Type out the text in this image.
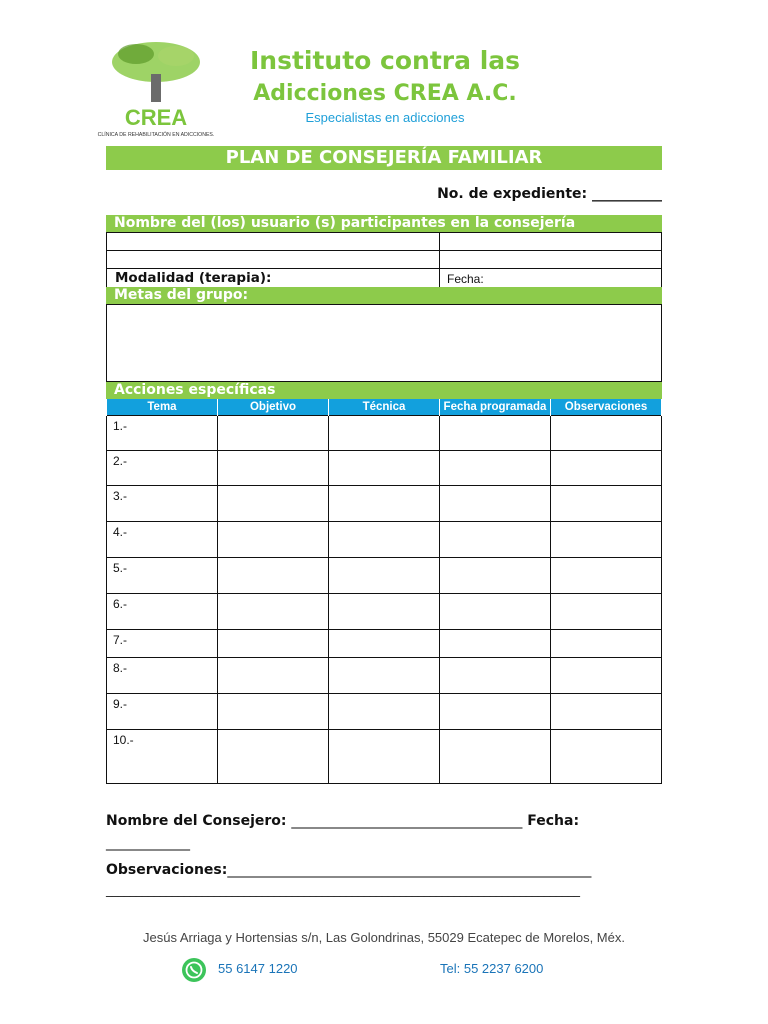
CREA
CLÍNICA DE REHABILITACIÓN EN ADICCIONES.
Instituto contra las
Adicciones CREA A.C.
Especialistas en adicciones
PLAN DE CONSEJERÍA FAMILIAR
No. de expediente: __________
Nombre del (los) usuario (s) participantes en la consejería
Modalidad (terapia):	Fecha:
Metas del grupo:
Acciones específicas
Tema	Objetivo	Técnica	Fecha programada	Observaciones
1.-				
2.-				
3.-				
4.-				
5.-				
6.-				
7.-				
8.-				
9.-				
10.-				
Nombre del Consejero: _________________________________ Fecha:
____________
Observaciones:____________________________________________________
_______________________________________________________________________________
Jesús Arriaga y Hortensias s/n, Las Golondrinas, 55029 Ecatepec de Morelos, Méx.
55 6147 1220	Tel: 55 2237 6200
